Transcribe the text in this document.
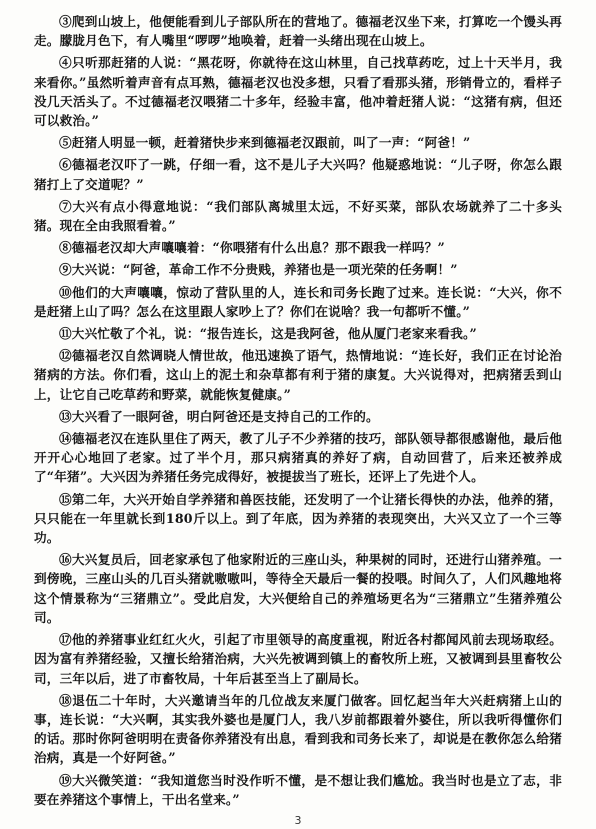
③爬到山坡上，他便能看到儿子部队所在的营地了。德福老汉坐下来，打算吃一个馒头再走。朦胧月色下，有人嘴里“啰啰”地唤着，赶着一头绪出现在山坡上。

④只听那赶猪的人说：“黑花呀，你就待在这山林里，自己找草药吃，过上十天半月，我来看你。”虽然听着声音有点耳熟，德福老汉也没多想，只看了看那头猪，形销骨立的，看样子没几天活头了。不过德福老汉喂猪二十多年，经验丰富，他冲着赶猪人说：“这猪有病，但还可以救治。”

⑤赶猪人明显一顿，赶着猪快步来到德福老汉跟前，叫了一声：“阿爸！”

⑥德福老汉吓了一跳，仔细一看，这不是儿子大兴吗？他疑惑地说：“儿子呀，你怎么跟猪打上了交道呢？”

⑦大兴有点小得意地说：“我们部队离城里太远，不好买菜，部队农场就养了二十多头猪。现在全由我照看着。”

⑧德福老汉却大声嚷嚷着：“你喂猪有什么出息？那不跟我一样吗？”

⑨大兴说：“阿爸，革命工作不分贵贱，养猪也是一项光荣的任务啊！”

⑩他们的大声嚷嚷，惊动了营队里的人，连长和司务长跑了过来。连长说：“大兴，你不是赶猪上山了吗？怎么在这里跟人家吵上了？你们在说啥？我一句都听不懂。”

⑪大兴忙敬了个礼，说：“报告连长，这是我阿爸，他从厦门老家来看我。”

⑫德福老汉自然调晓人情世故，他迅速换了语气，热情地说：“连长好，我们正在讨论治猪病的方法。你们看，这山上的泥土和杂草都有利于猪的康复。大兴说得对，把病猪丢到山上，让它自己吃草药和野菜，就能恢复健康。”

⑬大兴看了一眼阿爸，明白阿爸还是支持自己的工作的。

⑭德福老汉在连队里住了两天，教了儿子不少养猪的技巧，部队领导都很感谢他，最后他开开心心地回了老家。过了半个月，那只病猪真的养好了病，自动回营了，后来还被养成了“年猪”。大兴因为养猪任务完成得好，被提拔当了班长，还评上了先进个人。

⑮第二年，大兴开始自学养猪和兽医技能，还发明了一个让猪长得快的办法，他养的猪，只只能在一年里就长到180斤以上。到了年底，因为养猪的表现突出，大兴又立了一个三等功。

⑯大兴复员后，回老家承包了他家附近的三座山头，种果树的同时，还进行山猪养殖。一到傍晚，三座山头的几百头猪就嗷嗷叫，等待全天最后一餐的投喂。时间久了，人们风趣地将这个情景称为“三猪鼎立”。受此启发，大兴便给自己的养殖场更名为“三猪鼎立”生猪养殖公司。

⑰他的养猪事业红红火火，引起了市里领导的高度重视，附近各村都闻风前去现场取经。因为富有养猪经验，又擅长给猪治病，大兴先被调到镇上的畜牧所上班，又被调到县里畜牧公司，三年以后，进了市畜牧局，十年后甚至当上了副局长。

⑱退伍二十年时，大兴邀请当年的几位战友来厦门做客。回忆起当年大兴赶病猪上山的事，连长说：“大兴啊，其实我外婆也是厦门人，我八岁前都跟着外婆住，所以我听得懂你们的话。那时你阿爸明明在责备你养猪没有出息，看到我和司务长来了，却说是在教你怎么给猪治病，真是一个好阿爸。”

⑲大兴微笑道：“我知道您当时没作听不懂，是不想让我们尴尬。我当时也是立了志，非要在养猪这个事情上，干出名堂来。”

3
